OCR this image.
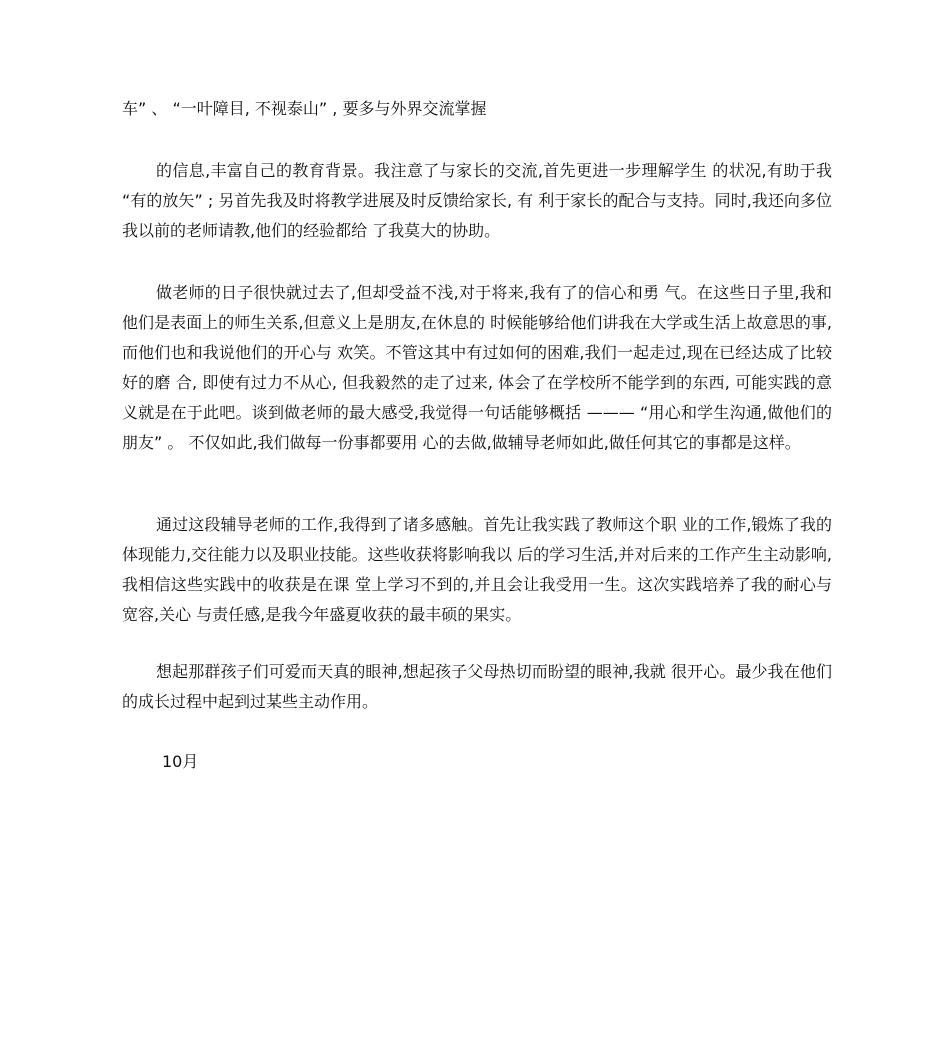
车” 、 “一叶障目, 不视泰山” , 要多与外界交流掌握
的信息,丰富自己的教育背景。我注意了与家长的交流,首先更进一步理解学生 的状况,有助于我 “有的放矢” ; 另首先我及时将教学进展及时反馈给家长, 有 利于家长的配合与支持。同时,我还向多位我以前的老师请教,他们的经验都给 了我莫大的协助。
做老师的日子很快就过去了,但却受益不浅,对于将来,我有了的信心和勇 气。在这些日子里,我和他们是表面上的师生关系,但意义上是朋友,在休息的 时候能够给他们讲我在大学或生活上故意思的事,而他们也和我说他们的开心与 欢笑。不管这其中有过如何的困难,我们一起走过,现在已经达成了比较好的磨 合, 即使有过力不从心, 但我毅然的走了过来, 体会了在学校所不能学到的东西, 可能实践的意义就是在于此吧。谈到做老师的最大感受,我觉得一句话能够概括 ——— “用心和学生沟通,做他们的朋友” 。 不仅如此,我们做每一份事都要用 心的去做,做辅导老师如此,做任何其它的事都是这样。
通过这段辅导老师的工作,我得到了诸多感触。首先让我实践了教师这个职 业的工作,锻炼了我的体现能力,交往能力以及职业技能。这些收获将影响我以 后的学习生活,并对后来的工作产生主动影响,我相信这些实践中的收获是在课 堂上学习不到的,并且会让我受用一生。这次实践培养了我的耐心与宽容,关心 与责任感,是我今年盛夏收获的最丰硕的果实。
想起那群孩子们可爱而天真的眼神,想起孩子父母热切而盼望的眼神,我就 很开心。最少我在他们的成长过程中起到过某些主动作用。
10月
